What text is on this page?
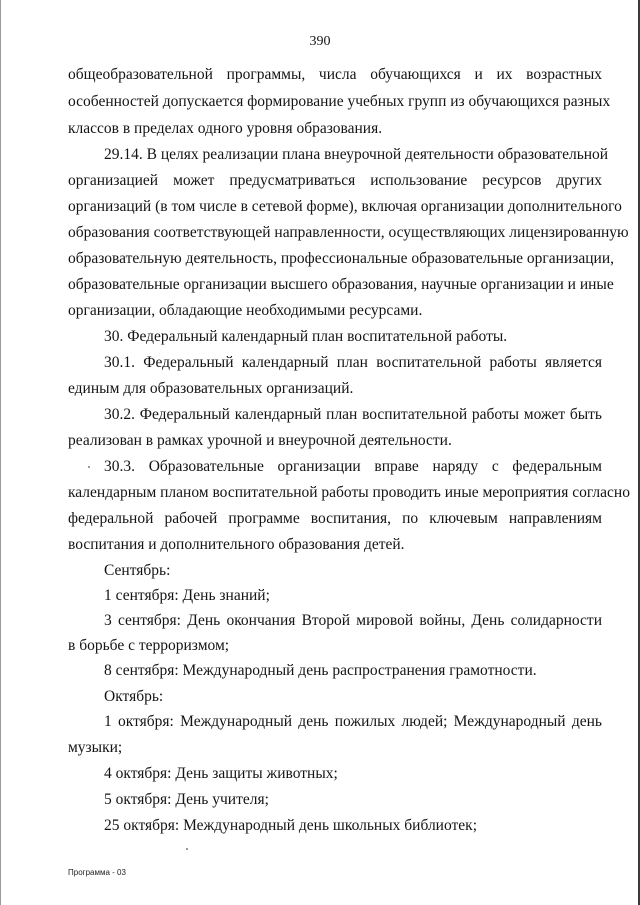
390
общеобразовательной программы, числа обучающихся и их возрастных
особенностей допускается формирование учебных групп из обучающихся разных
классов в пределах одного уровня образования.
29.14. В целях реализации плана внеурочной деятельности образовательной
организацией может предусматриваться использование ресурсов других
организаций (в том числе в сетевой форме), включая организации дополнительного
образования соответствующей направленности, осуществляющих лицензированную
образовательную деятельность, профессиональные образовательные организации,
образовательные организации высшего образования, научные организации и иные
организации, обладающие необходимыми ресурсами.
30. Федеральный календарный план воспитательной работы.
30.1. Федеральный календарный план воспитательной работы является
единым для образовательных организаций.
30.2. Федеральный календарный план воспитательной работы может быть
реализован в рамках урочной и внеурочной деятельности.
30.3. Образовательные организации вправе наряду с федеральным
календарным планом воспитательной работы проводить иные мероприятия согласно
федеральной рабочей программе воспитания, по ключевым направлениям
воспитания и дополнительного образования детей.
Сентябрь:
1 сентября: День знаний;
3 сентября: День окончания Второй мировой войны, День солидарности
в борьбе с терроризмом;
8 сентября: Международный день распространения грамотности.
Октябрь:
1 октября: Международный день пожилых людей; Международный день
музыки;
4 октября: День защиты животных;
5 октября: День учителя;
25 октября: Международный день школьных библиотек;
Программа - 03
